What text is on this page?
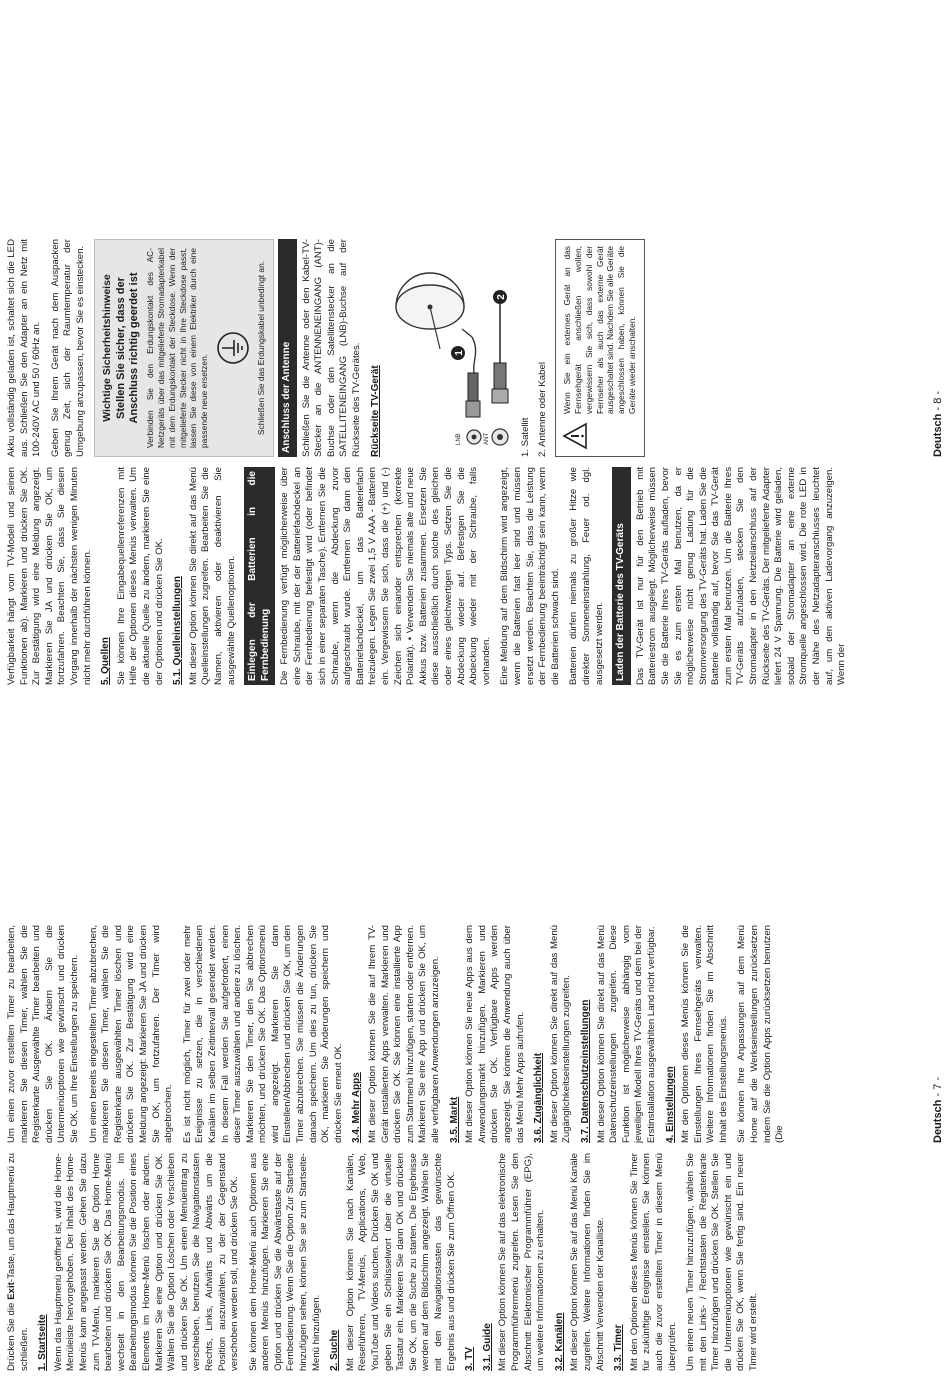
Drücken Sie die Exit-Taste, um das Hauptmenü zu schließen. 1. Startseite Wenn das Hauptmenü geöffnet ist, wird die Home-Menüleiste hervorgehoben. Der Inhalt des Home-Menüs kann angepasst werden. Gehen Sie dazu zum TV-Menü, markieren Sie die Option Home bearbeiten und drücken Sie OK. Das Home-Menü wechselt in den Bearbeitungsmodus. Im Bearbeitungsmodus können Sie die Position eines Elements im Home-Menü löschen oder ändern. Markieren Sie eine Option und drücken Sie OK. Wählen Sie die Option Löschen oder Verschieben und drücken Sie OK. Um einen Menüeintrag zu verschieben, benutzen Sie die Navigationstasten Rechts, Links, Aufwärts und Abwärts um die Position auszuwählen, zu der der Gegenstand verschoben werden soll, und drücken Sie OK. Sie können dem Home-Menü auch Optionen aus anderen Menüs hinzufügen. Markieren Sie eine Option und drücken Sie die Abwärtstaste auf der Fernbedienung. Wenn Sie die Option Zur Startseite hinzufügen sehen, können Sie sie zum Startseite-Menü hinzufügen. 2. Suche Mit dieser Option können Sie nach Kanälen, Reiseführern, TV-Menüs, Applications, Web, YouTube und Videos suchen. Drücken Sie OK und geben Sie ein Schlüsselwort über die virtuelle Tastatur ein. Markieren Sie dann OK und drücken Sie OK, um die Suche zu starten. Die Ergebnisse werden auf dem Bildschirm angezeigt. Wählen Sie mit den Navigationstasten das gewünschte Ergebnis aus und drücken Sie zum Öffnen OK. 3. TV 3.1. Guide Mit dieser Option können Sie auf das elektronische Programmführermenü zugreifen. Lesen Sie den Abschnitt Elektronischer Programmführer (EPG), um weitere Informationen zu erhalten. 3.2. Kanälen Mit dieser Option können Sie auf das Menü Kanäle zugreifen. Weitere Informationen finden Sie im Abschnitt Verwenden der Kanalliste. 3.3. Timer Mit den Optionen dieses Menüs können Sie Timer für zukünftige Ereignisse einstellen. Sie können auch die zuvor erstellten Timer in diesem Menü überprüfen. Um einen neuen Timer hinzuzufügen, wählen Sie mit den Links- / Rechtstasten die Registerkarte Timer hinzufügen und drücken Sie OK. Stellen Sie die Untermenüoptionen wie gewünscht ein und drücken Sie OK, wenn Sie fertig sind. Ein neuer Timer wird erstellt.

Um einen zuvor erstellten Timer zu bearbeiten, markieren Sie diesen Timer, wählen Sie die Registerkarte Ausgewählte Timer bearbeiten und drücken Sie OK. Ändern Sie die Untermenüoptionen wie gewünscht und drücken Sie OK, um Ihre Einstellungen zu speichern. Um einen bereits eingestellten Timer abzubrechen, markieren Sie diesen Timer, wählen Sie die Registerkarte ausgewählten Timer löschen und drücken Sie OK. Zur Bestätigung wird eine Meldung angezeigt: Markieren Sie JA und drücken Sie OK, um fortzufahren. Der Timer wird abgebrochen. Es ist nicht möglich, Timer für zwei oder mehr Ereignisse zu setzen, die in verschiedenen Kanälen im selben Zeitintervall gesendet werden. In diesem Fall werden Sie aufgefordert, einen dieser Timer auszuwählen und andere zu löschen. Markieren Sie den Timer, den Sie abbrechen möchten, und drücken Sie OK. Das Optionsmenü wird angezeigt. Markieren Sie dann Einstellen/Abbrechen und drücken Sie OK, um den Timer abzubrechen. Sie müssen die Änderungen danach speichern. Um dies zu tun, drücken Sie OK, markieren Sie Änderungen speichern und drücken Sie erneut OK. 3.4. Mehr Apps Mit dieser Option können Sie die auf Ihrem TV-Gerät installierten Apps verwalten. Markieren und drücken Sie OK. Sie können eine installierte App zum Startmenü hinzufügen, starten oder entfernen. Markieren Sie eine App und drücken Sie OK, um alle verfügbaren Anwendungen anzuzeigen. 3.5. Markt Mit dieser Option können Sie neue Apps aus dem Anwendungsmarkt hinzufügen. Markieren und drücken Sie OK. Verfügbare Apps werden angezeigt. Sie können die Anwendung auch über das Menü Mehr Apps aufrufen. 3.6. Zugänglichkeit Mit dieser Option können Sie direkt auf das Menü Zugänglichkeitseinstellungen zugreifen. 3.7. Datenschutzeinstellungen Mit dieser Option können Sie direkt auf das Menü Datenschutzeinstellungen zugreifen. Diese Funktion ist möglicherweise abhängig vom jeweiligen Modell Ihres TV-Geräts und dem bei der Erstinstallation ausgewählten Land nicht verfügbar. 4. Einstellungen Mit den Optionen dieses Menüs können Sie die Einstellungen Ihres Fernsehgeräts verwalten. Weitere Informationen finden Sie im Abschnitt Inhalt des Einstellungsmenüs. Sie können Ihre Anpassungen auf dem Menü Home auf die Werkseinstellungen zurücksetzen indem Sie die Option Apps zurücksetzen benutzen (Die	Deutsch - 7 -

Verfügbarkeit hängt vom TV-Modell und seinen Funktionen ab). Markieren und drücken Sie OK. Zur Bestätigung wird eine Meldung angezeigt. Markieren Sie JA und drücken Sie OK, um fortzufahren. Beachten Sie, dass Sie diesen Vorgang innerhalb der nächsten wenigen Minuten nicht mehr durchführen können. 5. Quellen Sie können Ihre Eingabequellenreferenzen mit Hilfe der Optionen dieses Menüs verwalten. Um die aktuelle Quelle zu ändern, markieren Sie eine der Optionen und drücken Sie OK. 5.1. Quelleinstellungen Mit dieser Option können Sie direkt auf das Menü Quelleinstellungen zugreifen. Bearbeiten Sie die Namen, aktivieren oder deaktivieren Sie ausgewählte Quellenoptionen.	Einlegen der Batterien in die Fernbedienung Die Fernbedienung verfügt möglicherweise über eine Schraube, mit der der Batteriefachdeckel an der Fernbedienung befestigt wird (oder befindet sich in einer separaten Tasche). Entfernen Sie die Schraube, wenn die Abdeckung zuvor aufgeschraubt wurde. Entfernen Sie dann den Batteriefachdeckel, um das Batteriefach freizulegen. Legen Sie zwei 1,5 V AAA - Batterien ein. Vergewissern Sie sich, dass die (+) und (-) Zeichen sich einander entsprechen (korrekte Polarität). • Verwenden Sie niemals alte und neue Akkus bzw. Batterien zusammen. Ersetzen Sie diese ausschließlich durch solche des gleichen oder eines gleichwertigen Typs. Setzen Sie die Abdeckung wieder auf. Befestigen Sie die Abdeckung wieder mit der Schraube, falls vorhanden. Eine Meldung auf dem Bildschirm wird angezeigt, wenn die Batterien fast leer sind und müssen ersetzt werden. Beachten Sie, dass die Leistung der Fernbedienung beeinträchtigt sein kann, wenn die Batterien schwach sind. Batterien dürfen niemals zu großer Hitze wie direkter Sonneneinstrahlung, Feuer od. dgl. ausgesetzt werden.	Laden der Batterie des TV-Geräts Das TV-Gerät ist nur für den Betrieb mit Batteriestrom ausgelegt. Möglicherweise müssen Sie die Batterie Ihres TV-Geräts aufladen, bevor Sie es zum ersten Mal benutzen, da er möglicherweise nicht genug Ladung für die Stromversorgung des TV-Geräts hat. Laden Sie die Batterie vollständig auf, bevor Sie das TV-Gerät zum ersten Mal benutzen. Um die Batterie Ihres TV-Geräts aufzuladen, stecken Sie den Stromadapter in den Netzteilanschluss auf der Rückseite des TV-Geräts. Der mitgelieferte Adapter liefert 24 V Spannung. Die Batterie wird geladen, sobald der Stromadapter an eine externe Stromquelle angeschlossen wird. Die rote LED in der Nähe des Netzadapteranschlusses leuchtet auf, um den aktiven Ladevorgang anzuzeigen. Wenn der

Akku vollständig geladen ist, schaltet sich die LED aus. Schließen Sie den Adapter an ein Netz mit 100-240V AC und 50 / 60Hz an. Geben Sie Ihrem Gerät nach dem Auspacken genug Zeit, sich der Raumtemperatur der Umgebung anzupassen, bevor Sie es einstecken. Wichtige Sicherheitshinweise Stellen Sie sicher, dass der Anschluss richtig geerdet ist Verbinden Sie den Erdungskontakt des AC-Netzgeräts über das mitgelieferte Stromadapterkabel mit dem Erdungskontakt der Steckdose. Wenn der mitgelieferte Stecker nicht in Ihre Steckdose passt, lassen Sie diese von einem Elektriker durch eine passende neue ersetzen.	Schließen Sie das Erdungskabel unbedingt an.	Anschluss der Antenne Schließen Sie die Antenne oder den Kabel-TV-Stecker an die ANTENNENEINGANG (ANT)-Buchse oder den Satellitenstecker an die SATELLITENEINGANG (LNB)-Buchse auf der Rückseite des TV-Gerätes. Rückseite TV-Gerät
1
2
LNB	ANT	1. Satellit 2. Antenne oder Kabel Wenn Sie ein externes Gerät an das Fernsehgerät anschließen wollen, vergewissern Sie sich, dass sowohl der Fernseher als auch das externe Gerät ausgeschaltet sind. Nachdem Sie alle Geräte angeschlossen haben, können Sie die Geräte wieder anschalten.
Deutsch - 8 -
